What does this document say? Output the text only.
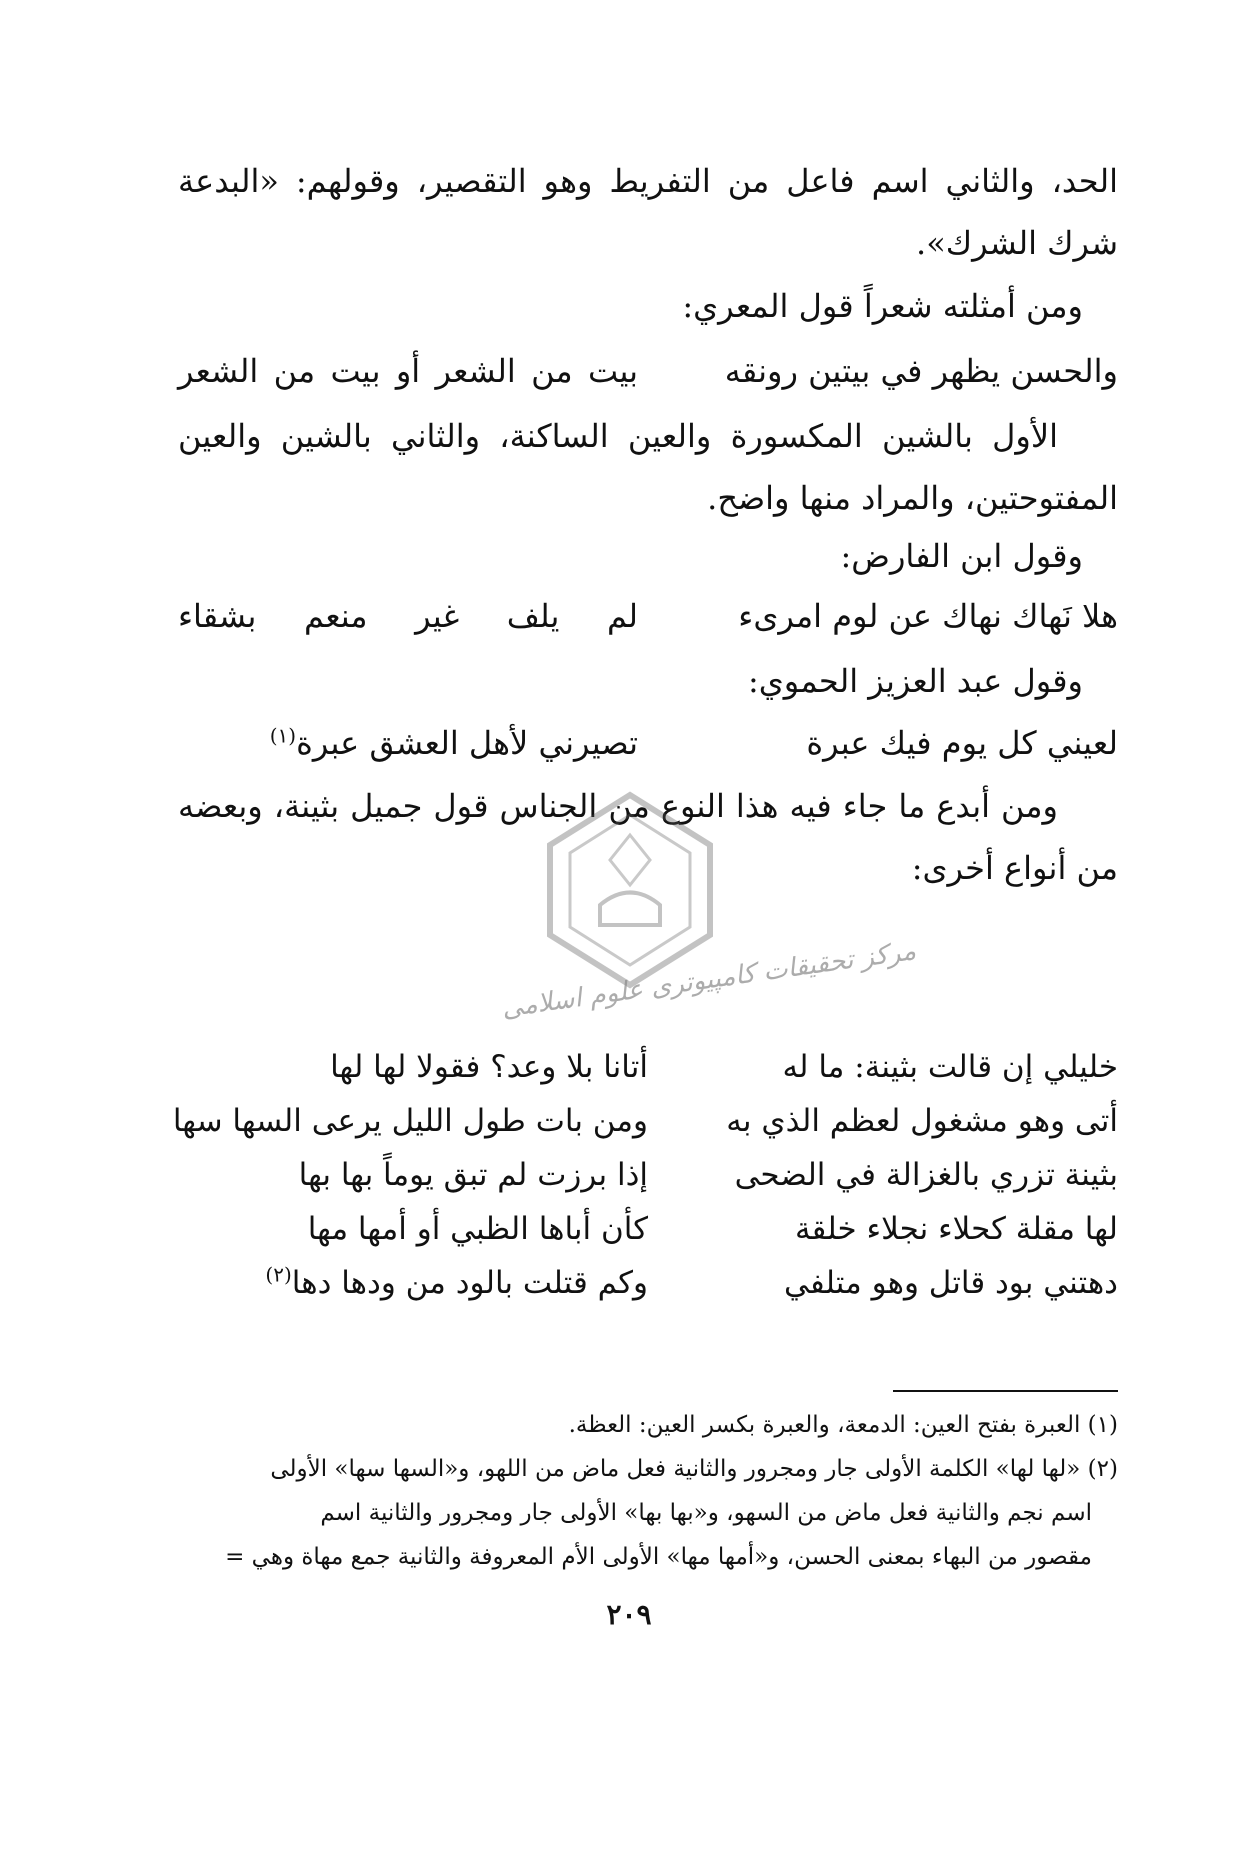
الحد، والثاني اسم فاعل من التفريط وهو التقصير، وقولهم: «البدعة شرك الشرك».
ومن أمثلته شعراً قول المعري:
والحسن يظهر في بيتين رونقه
بيت من الشعر أو بيت من الشعر
الأول بالشين المكسورة والعين الساكنة، والثاني بالشين والعين المفتوحتين، والمراد منها واضح.
وقول ابن الفارض:
هلا نَهاك نهاك عن لوم امرىء
لم يلف غير منعم بشقاء
وقول عبد العزيز الحموي:
لعيني كل يوم فيك عبرة
تصيرني لأهل العشق عبرة$^{(١)}$
ومن أبدع ما جاء فيه هذا النوع من الجناس قول جميل بثينة، وبعضه من أنواع أخرى:
مركز تحقیقات کامپیوتری علوم اسلامی
خليلي إن قالت بثينة: ما له
أتانا بلا وعد؟ فقولا لها لها
أتى وهو مشغول لعظم الذي به
ومن بات طول الليل يرعى السها سها
بثينة تزري بالغزالة في الضحى
إذا برزت لم تبق يوماً بها بها
لها مقلة كحلاء نجلاء خلقة
كأن أباها الظبي أو أمها مها
دهتني بود قاتل وهو متلفي
وكم قتلت بالود من ودها دها$^{(٢)}$
(١) العبرة بفتح العين: الدمعة، والعبرة بكسر العين: العظة.
(٢) «لها لها» الكلمة الأولى جار ومجرور والثانية فعل ماض من اللهو، و«السها سها» الأولى
اسم نجم والثانية فعل ماض من السهو، و«بها بها» الأولى جار ومجرور والثانية اسم
مقصور من البهاء بمعنى الحسن، و«أمها مها» الأولى الأم المعروفة والثانية جمع مهاة وهي =
٢٠٩
